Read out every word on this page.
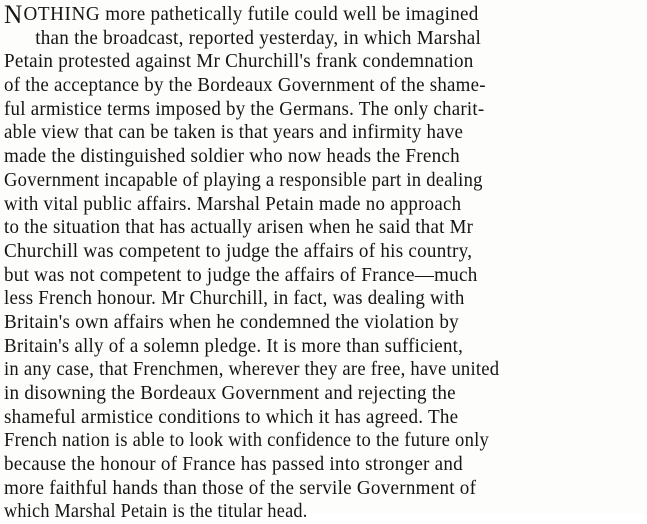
NOTHING more pathetically futile could well be imagined
than the broadcast, reported yesterday, in which Marshal
Petain protested against Mr Churchill's frank condemnation
of the acceptance by the Bordeaux Government of the shame-
ful armistice terms imposed by the Germans. The only charit-
able view that can be taken is that years and infirmity have
made the distinguished soldier who now heads the French
Government incapable of playing a responsible part in dealing
with vital public affairs. Marshal Petain made no approach
to the situation that has actually arisen when he said that Mr
Churchill was competent to judge the affairs of his country,
but was not competent to judge the affairs of France—much
less French honour. Mr Churchill, in fact, was dealing with
Britain's own affairs when he condemned the violation by
Britain's ally of a solemn pledge. It is more than sufficient,
in any case, that Frenchmen, wherever they are free, have united
in disowning the Bordeaux Government and rejecting the
shameful armistice conditions to which it has agreed. The
French nation is able to look with confidence to the future only
because the honour of France has passed into stronger and
more faithful hands than those of the servile Government of
which Marshal Petain is the titular head.
